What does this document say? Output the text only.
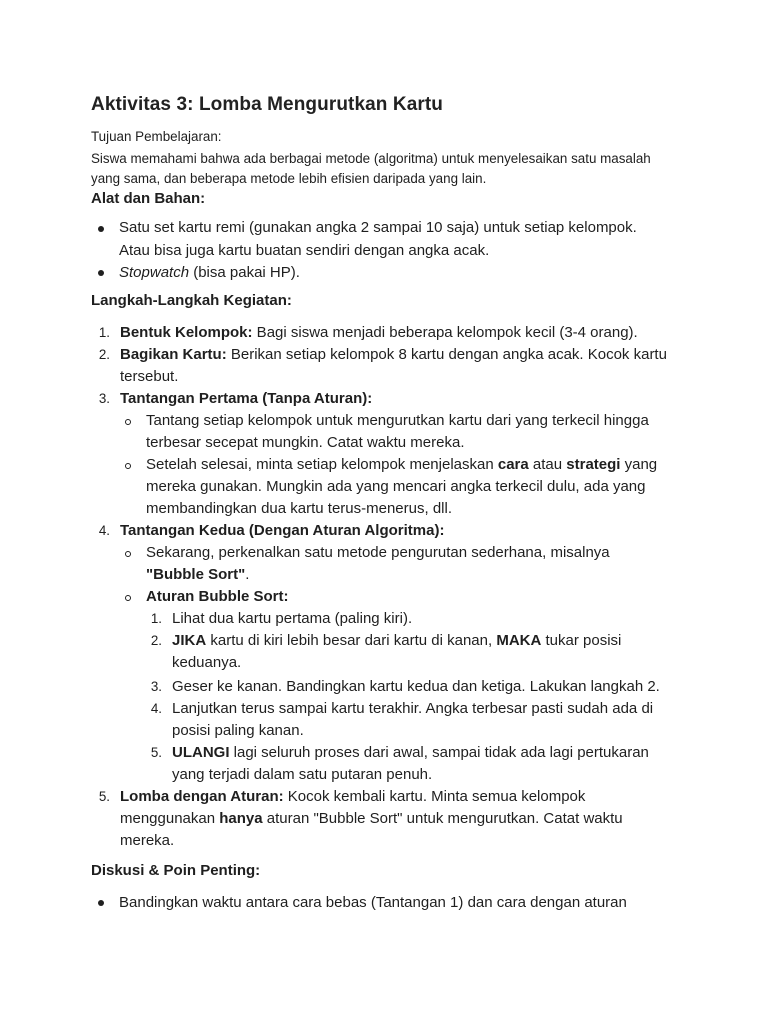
Aktivitas 3: Lomba Mengurutkan Kartu
Tujuan Pembelajaran:
Siswa memahami bahwa ada berbagai metode (algoritma) untuk menyelesaikan satu masalah
yang sama, dan beberapa metode lebih efisien daripada yang lain.
Alat dan Bahan:
Satu set kartu remi (gunakan angka 2 sampai 10 saja) untuk setiap kelompok.
Atau bisa juga kartu buatan sendiri dengan angka acak.
Stopwatch (bisa pakai HP).
Langkah-Langkah Kegiatan:
1. Bentuk Kelompok: Bagi siswa menjadi beberapa kelompok kecil (3-4 orang).
2. Bagikan Kartu: Berikan setiap kelompok 8 kartu dengan angka acak. Kocok kartu
tersebut.
3. Tantangan Pertama (Tanpa Aturan):
Tantang setiap kelompok untuk mengurutkan kartu dari yang terkecil hingga
terbesar secepat mungkin. Catat waktu mereka.
Setelah selesai, minta setiap kelompok menjelaskan cara atau strategi yang
mereka gunakan. Mungkin ada yang mencari angka terkecil dulu, ada yang
membandingkan dua kartu terus-menerus, dll.
4. Tantangan Kedua (Dengan Aturan Algoritma):
Sekarang, perkenalkan satu metode pengurutan sederhana, misalnya
"Bubble Sort".
Aturan Bubble Sort:
1. Lihat dua kartu pertama (paling kiri).
2. JIKA kartu di kiri lebih besar dari kartu di kanan, MAKA tukar posisi
keduanya.
3. Geser ke kanan. Bandingkan kartu kedua dan ketiga. Lakukan langkah 2.
4. Lanjutkan terus sampai kartu terakhir. Angka terbesar pasti sudah ada di
posisi paling kanan.
5. ULANGI lagi seluruh proses dari awal, sampai tidak ada lagi pertukaran
yang terjadi dalam satu putaran penuh.
5. Lomba dengan Aturan: Kocok kembali kartu. Minta semua kelompok
menggunakan hanya aturan "Bubble Sort" untuk mengurutkan. Catat waktu
mereka.
Diskusi & Poin Penting:
Bandingkan waktu antara cara bebas (Tantangan 1) dan cara dengan aturan
